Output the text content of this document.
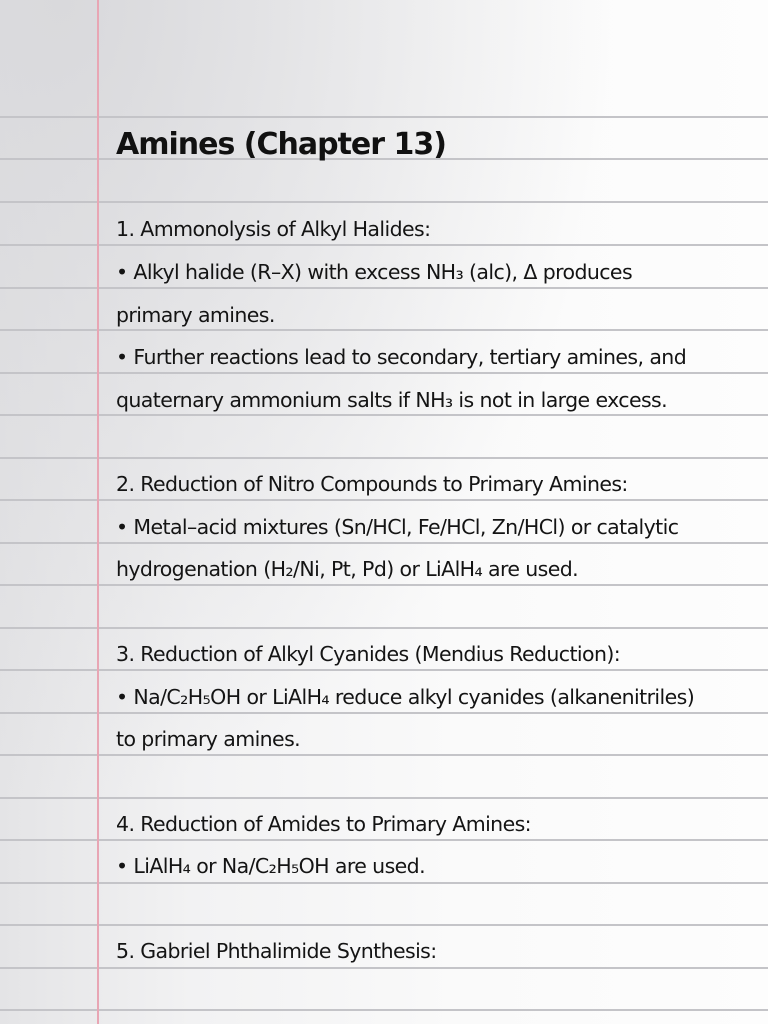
Amines (Chapter 13)
1. Ammonolysis of Alkyl Halides:
• Alkyl halide (R–X) with excess NH₃ (alc), Δ produces
primary amines.
• Further reactions lead to secondary, tertiary amines, and
quaternary ammonium salts if NH₃ is not in large excess.
2. Reduction of Nitro Compounds to Primary Amines:
• Metal–acid mixtures (Sn/HCl, Fe/HCl, Zn/HCl) or catalytic
hydrogenation (H₂/Ni, Pt, Pd) or LiAlH₄ are used.
3. Reduction of Alkyl Cyanides (Mendius Reduction):
• Na/C₂H₅OH or LiAlH₄ reduce alkyl cyanides (alkanenitriles)
to primary amines.
4. Reduction of Amides to Primary Amines:
• LiAlH₄ or Na/C₂H₅OH are used.
5. Gabriel Phthalimide Synthesis:
